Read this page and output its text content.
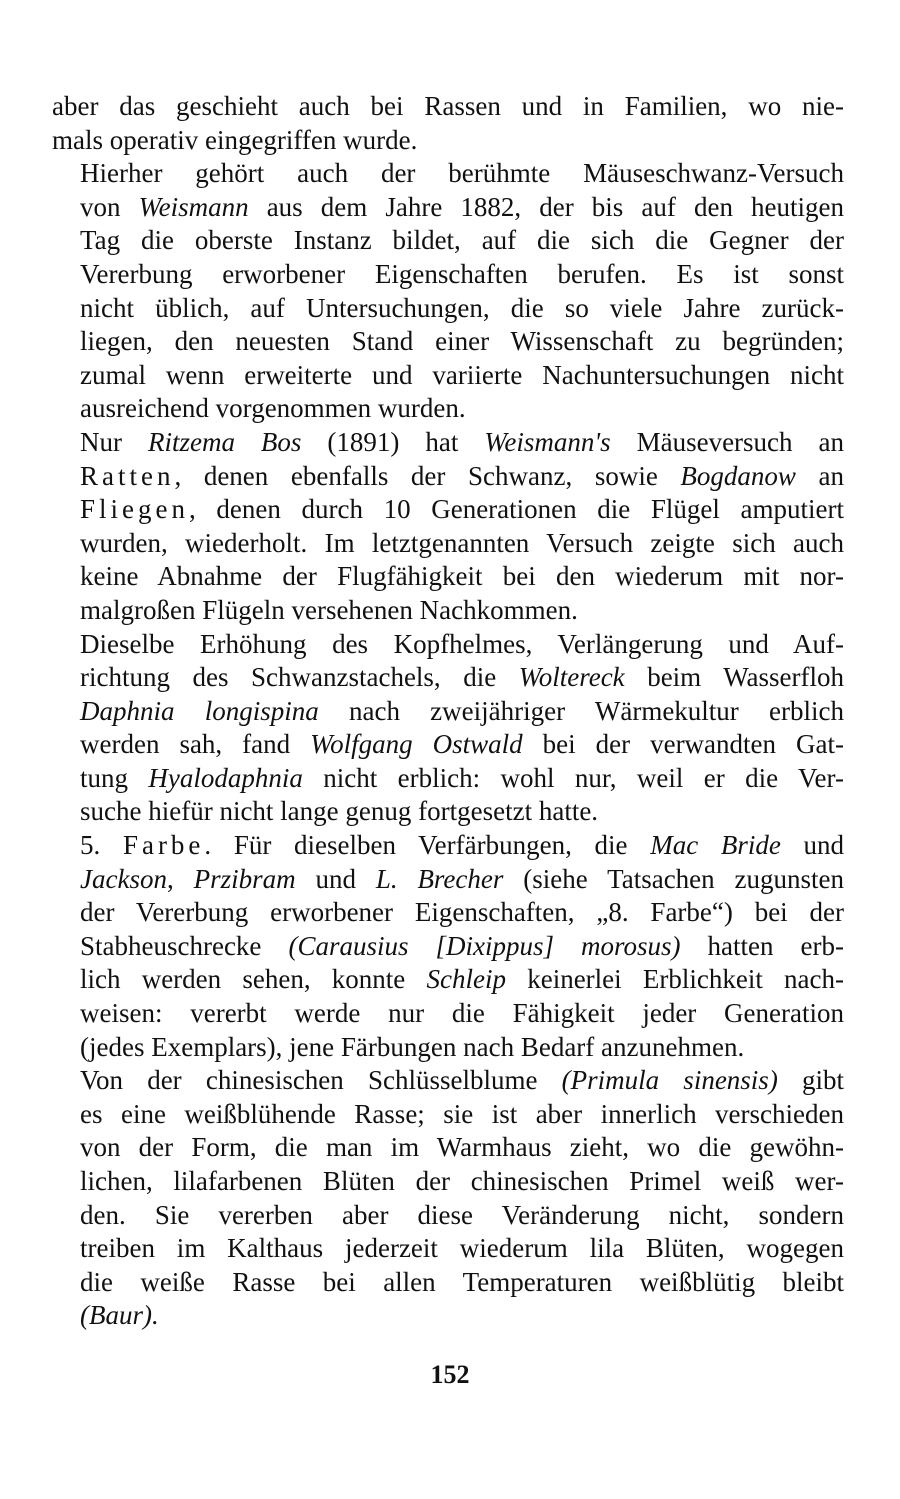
aber das geschieht auch bei Rassen und in Familien, wo nie-
mals operativ eingegriffen wurde.
Hierher gehört auch der berühmte Mäuseschwanz-Versuch
von Weismann aus dem Jahre 1882, der bis auf den heutigen
Tag die oberste Instanz bildet, auf die sich die Gegner der
Vererbung erworbener Eigenschaften berufen. Es ist sonst
nicht üblich, auf Untersuchungen, die so viele Jahre zurück-
liegen, den neuesten Stand einer Wissenschaft zu begründen;
zumal wenn erweiterte und variierte Nachuntersuchungen nicht
ausreichend vorgenommen wurden.
Nur Ritzema Bos (1891) hat Weismann's Mäuseversuch an
Ratten, denen ebenfalls der Schwanz, sowie Bogdanow an
Fliegen, denen durch 10 Generationen die Flügel amputiert
wurden, wiederholt. Im letztgenannten Versuch zeigte sich auch
keine Abnahme der Flugfähigkeit bei den wiederum mit nor-
malgroßen Flügeln versehenen Nachkommen.
Dieselbe Erhöhung des Kopfhelmes, Verlängerung und Auf-
richtung des Schwanzstachels, die Woltereck beim Wasserfloh
Daphnia longispina nach zweijähriger Wärmekultur erblich
werden sah, fand Wolfgang Ostwald bei der verwandten Gat-
tung Hyalodaphnia nicht erblich: wohl nur, weil er die Ver-
suche hiefür nicht lange genug fortgesetzt hatte.
5. Farbe. Für dieselben Verfärbungen, die Mac Bride und
Jackson, Przibram und L. Brecher (siehe Tatsachen zugunsten
der Vererbung erworbener Eigenschaften, „8. Farbe“) bei der
Stabheuschrecke (Carausius [Dixippus] morosus) hatten erb-
lich werden sehen, konnte Schleip keinerlei Erblichkeit nach-
weisen: vererbt werde nur die Fähigkeit jeder Generation
(jedes Exemplars), jene Färbungen nach Bedarf anzunehmen.
Von der chinesischen Schlüsselblume (Primula sinensis) gibt
es eine weißblühende Rasse; sie ist aber innerlich verschieden
von der Form, die man im Warmhaus zieht, wo die gewöhn-
lichen, lilafarbenen Blüten der chinesischen Primel weiß wer-
den. Sie vererben aber diese Veränderung nicht, sondern
treiben im Kalthaus jederzeit wiederum lila Blüten, wogegen
die weiße Rasse bei allen Temperaturen weißblütig bleibt
(Baur).
152
